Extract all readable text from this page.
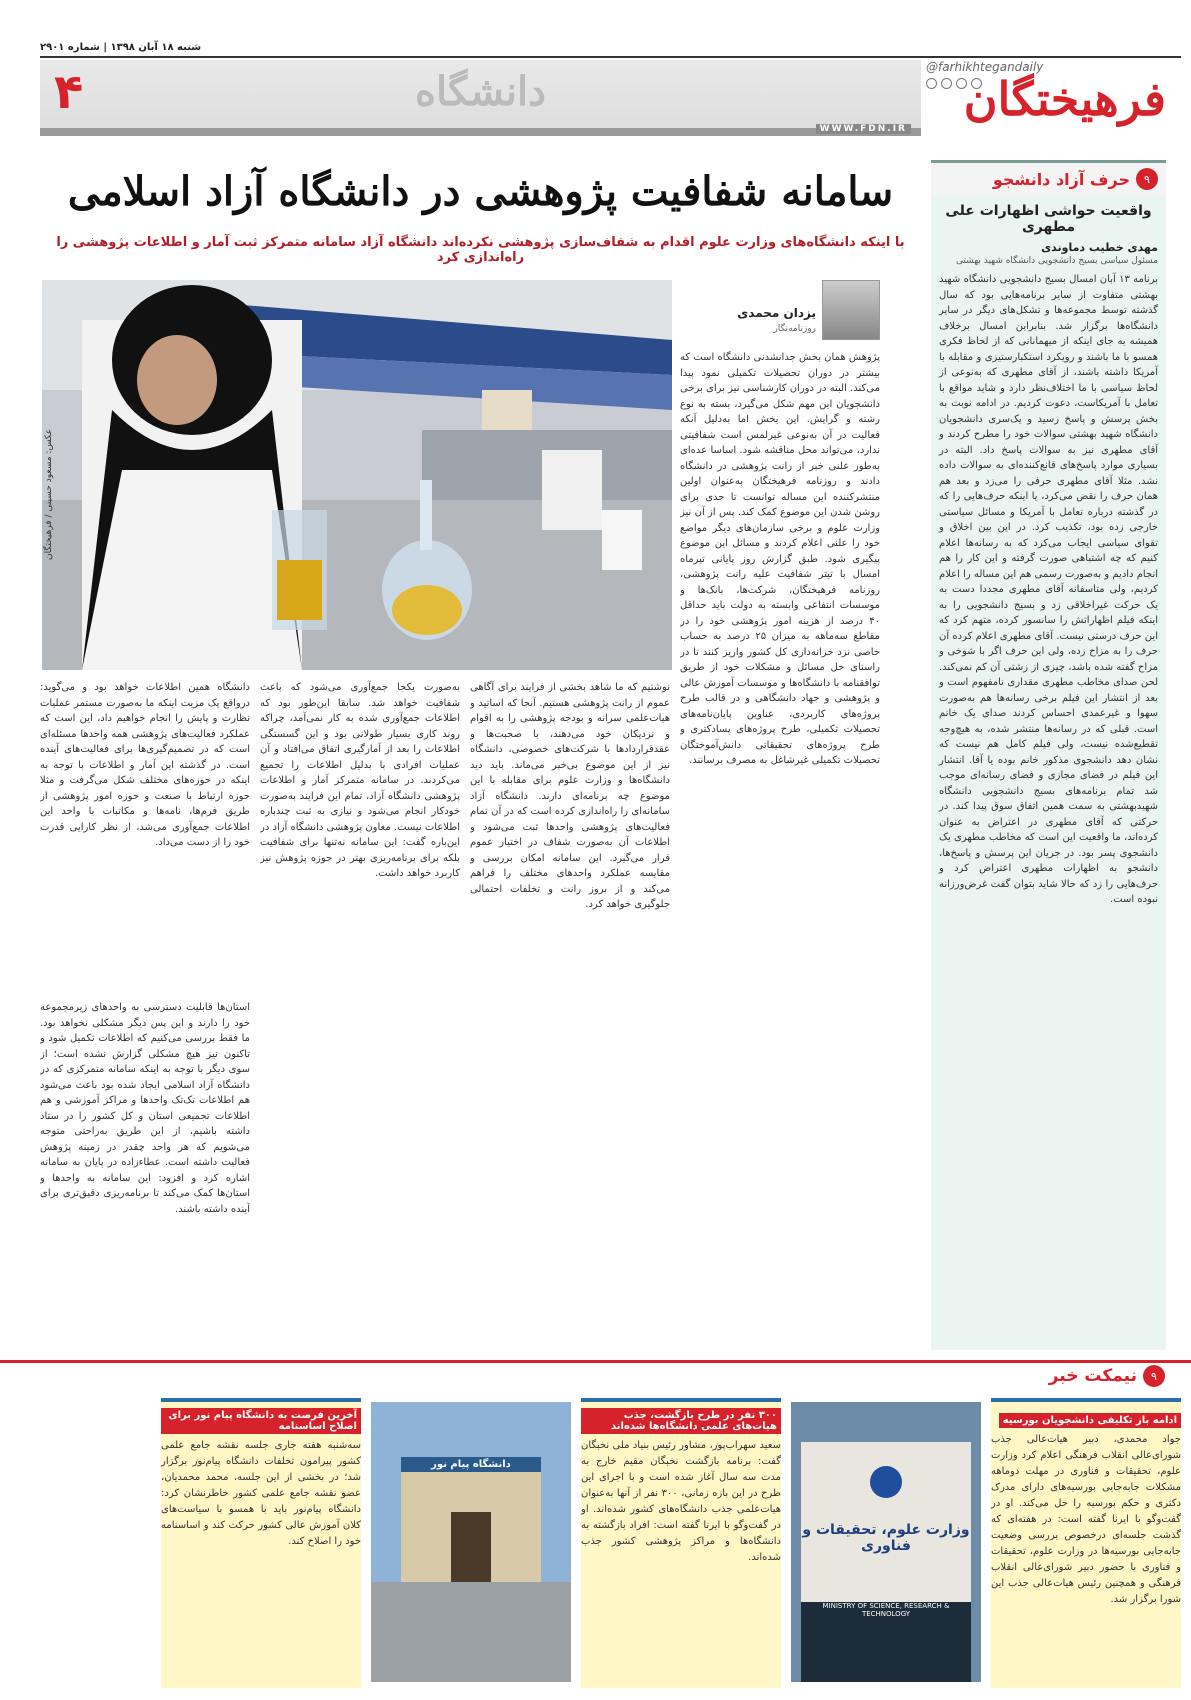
شنبه ۱۸ آبان ۱۳۹۸ | شماره ۲۹۰۱
فرهیختگان
@farhikhtegandaily
دانشگاه
۴
WWW.FDN.IR
۹
حرف آزاد دانشجو
واقعیت حواشی اظهارات علی مطهری
مهدی خطیب دماوندی
مسئول سیاسی بسیج دانشجویی دانشگاه شهید بهشتی
برنامه ۱۳ آبان امسال بسیج دانشجویی دانشگاه شهید بهشتی متفاوت از سایر برنامه‌هایی بود که سال گذشته توسط مجموعه‌ها و تشکل‌های دیگر در سایر دانشگاه‌ها برگزار شد. بنابراین امسال برخلاف همیشه به جای اینکه از میهمانانی که از لحاظ فکری همسو با ما باشند و رویکرد استکبارستیزی و مقابله با آمریکا داشته باشند، از آقای مطهری که به‌نوعی از لحاظ سیاسی با ما اختلاف‌نظر دارد و شاید مواقع با تعامل با آمریکاست، دعوت کردیم. در ادامه نوبت به بخش پرسش و پاسخ رسید و یک‌سری دانشجویان دانشگاه شهید بهشتی سوالات خود را مطرح کردند و آقای مطهری نیز به سوالات پاسخ داد. البته در بسیاری موارد پاسخ‌های قانع‌کننده‌ای به سوالات داده نشد. مثلا آقای مطهری حرفی را می‌زد و بعد هم همان حرف را نقض می‌کرد، یا اینکه حرف‌هایی را که در گذشته درباره تعامل با آمریکا و مسائل سیاستی خارجی زده بود، تکذیب کرد. در این بین اخلاق و تقوای سیاسی ایجاب می‌کرد که به رسانه‌ها اعلام کنیم که چه اشتباهی صورت گرفته و این کار را هم انجام دادیم و به‌صورت رسمی هم این مساله را اعلام کردیم، ولی متاسفانه آقای مطهری مجددا دست به یک حرکت غیراخلاقی زد و بسیج دانشجویی را به اینکه فیلم اظهاراتش را سانسور کرده، متهم کرد که این حرف درستی نیست. آقای مطهری اعلام کرده آن حرف را به مزاح زده، ولی این حرف اگر با شوخی و مزاح گفته شده باشد، چیزی از زشتی آن کم نمی‌کند. لحن صدای مخاطب مطهری مقداری نامفهوم است و بعد از انتشار این فیلم برخی رسانه‌ها هم به‌صورت سهوا و غیرعمدی احساس کردند صدای یک خانم است. قبلی که در رسانه‌ها منتشر شده، به هیچ‌وجه تقطیع‌شده نیست، ولی فیلم کامل هم نیست که نشان دهد دانشجوی مذکور خانم بوده یا آقا. انتشار این فیلم در فضای مجازی و فضای رسانه‌ای موجب شد تمام برنامه‌های بسیج دانشجویی دانشگاه شهیدبهشتی به سمت همین اتفاق سوق پیدا کند. در حرکتی که آقای مطهری در اعتراض به عنوان کرده‌اند، ما واقعیت این است که مخاطب مطهری یک دانشجوی پسر بود. در جریان این پرسش و پاسخ‌ها، دانشجو به اظهارات مطهری اعتراض کرد و حرف‌هایی را زد که حالا شاید بتوان گفت غرض‌ورزانه نبوده است.
سامانه شفافیت پژوهشی در دانشگاه آزاد اسلامی
با اینکه دانشگاه‌های وزارت علوم اقدام به شفاف‌سازی پژوهشی نکرده‌اند دانشگاه آزاد سامانه متمرکز ثبت آمار و اطلاعات پژوهشی را راه‌اندازی کرد
عکس: مسعود حسینی / فرهیختگان
یزدان محمدی
روزنامه‌نگار
پژوهش همان بخش جدانشدنی دانشگاه است که بیشتر در دوران تحصیلات تکمیلی نمود پیدا می‌کند. البته در دوران کارشناسی نیز برای برخی دانشجویان این مهم شکل می‌گیرد، بسته به نوع رشته و گرایش. این بخش اما به‌دلیل آنکه فعالیت در آن به‌نوعی غیرلمس است شفافیتی ندارد، می‌تواند محل مناقشه شود. اساسا عده‌ای به‌طور علنی خبر از رانت پژوهشی در دانشگاه دادند و روزنامه فرهیختگان به‌عنوان اولین منتشرکننده این مساله توانست تا حدی برای روشن شدن این موضوع کمک کند. پس از آن نیز وزارت علوم و برخی سازمان‌های دیگر مواضع خود را علنی اعلام کردند و مسائل این موضوع پیگیری شود. طبق گزارش روز پایانی تیرماه امسال با تیتر شفافیت علیه رانت پژوهشی، روزنامه فرهیختگان، شرکت‌ها، بانک‌ها و موسسات انتفاعی وابسته به دولت باید حداقل ۴۰ درصد از هزینه امور پژوهشی خود را در مقاطع سه‌ماهه به میزان ۲۵ درصد به حساب خاصی نزد خزانه‌داری کل کشور واریز کنند تا در راستای حل مسائل و مشکلات خود از طریق توافقنامه با دانشگاه‌ها و موسسات آموزش عالی و پژوهشی و جهاد دانشگاهی و در قالب طرح پروژه‌های کاربردی، عناوین پایان‌نامه‌های تحصیلات تکمیلی، طرح پروژه‌های پسادکتری و طرح پروژه‌های تحقیقاتی دانش‌آموختگان تحصیلات تکمیلی غیرشاغل به مصرف برسانند.
نوشتیم که ما شاهد بخشی از فرایند برای آگاهی عموم از رانت پژوهشی هستیم. آنجا که اساتید و هیات‌علمی سرانه و بودجه پژوهشی را به اقوام و نزدیکان خود می‌دهند، با صحبت‌ها و عقدقراردادها با شرکت‌های خصوصی، دانشگاه نیز از این موضوع بی‌خبر می‌ماند. باید دید دانشگاه‌ها و وزارت علوم برای مقابله با این موضوع چه برنامه‌ای دارند. دانشگاه آزاد سامانه‌ای را راه‌اندازی کرده است که در آن تمام فعالیت‌های پژوهشی واحدها ثبت می‌شود و اطلاعات آن به‌صورت شفاف در اختیار عموم قرار می‌گیرد. این سامانه امکان بررسی و مقایسه عملکرد واحدهای مختلف را فراهم می‌کند و از بروز رانت و تخلفات احتمالی جلوگیری خواهد کرد.
به‌صورت یکجا جمع‌آوری می‌شود که باعث شفافیت خواهد شد. سابقا این‌طور بود که اطلاعات جمع‌آوری شده به کار نمی‌آمد، چراکه روند کاری بسیار طولانی بود و این گسستگی اطلاعات را بعد از آمارگیری اتفاق می‌افتاد و آن عملیات افرادی با بدلیل اطلاعات را تجمیع می‌کردند. در سامانه متمرکز آمار و اطلاعات پژوهشی دانشگاه آزاد، تمام این فرایند به‌صورت خودکار انجام می‌شود و نیازی به ثبت چندباره اطلاعات نیست. معاون پژوهشی دانشگاه آزاد در این‌باره گفت: این سامانه نه‌تنها برای شفافیت بلکه برای برنامه‌ریزی بهتر در حوزه پژوهش نیز کاربرد خواهد داشت.
دانشگاه همین اطلاعات خواهد بود و می‌گوید: درواقع یک مزیت اینکه ما به‌صورت مستمر عملیات نظارت و پایش را انجام خواهیم داد، این است که عملکرد فعالیت‌های پژوهشی همه واحدها مسئله‌ای است که در تصمیم‌گیری‌ها برای فعالیت‌های آینده است. در گذشته این آمار و اطلاعات با توجه به اینکه در حوزه‌های مختلف شکل می‌گرفت و مثلا حوزه ارتباط با صنعت و حوزه امور پژوهشی از طریق فرم‌ها، نامه‌ها و مکاتبات با واحد این اطلاعات جمع‌آوری می‌شد، از نظر کارایی قدرت خود را از دست می‌داد.
استان‌ها قابلیت دسترسی به واحدهای زیرمجموعه خود را دارند و این پس دیگر مشکلی نخواهد بود. ما فقط بررسی می‌کنیم که اطلاعات تکمیل شود و تاکنون نیز هیچ مشکلی گزارش نشده است؛ از سوی دیگر با توجه به اینکه سامانه متمرکزی که در دانشگاه آزاد اسلامی ایجاد شده بود باعث می‌شود هم اطلاعات تک‌تک واحدها و مراکز آموزشی و هم اطلاعات تجمیعی استان و کل کشور را در ستاد داشته باشیم، از این طریق به‌راحتی متوجه می‌شویم که هر واحد چقدر در زمینه پژوهش فعالیت داشته است. عطاء‌زاده در پایان به سامانه اشاره کرد و افزود: این سامانه به واحدها و استان‌ها کمک می‌کند تا برنامه‌ریزی دقیق‌تری برای آینده داشته باشند.
۹
نیمکت خبر
ادامه باز تکلیفی دانشجویان بورسیه
جواد محمدی، دبیر هیات‌عالی جذب شورای‌عالی انقلاب فرهنگی اعلام کرد وزارت علوم، تحقیقات و فناوری در مهلت دوماهه مشکلات جابه‌جایی بورسیه‌های دارای مدرک دکتری و حکم بورسیه را حل می‌کند. او در گفت‌وگو با ایرنا گفته است: در هفته‌ای که گذشت جلسه‌ای درخصوص بررسی وضعیت جابه‌جایی بورسیه‌ها در وزارت علوم، تحقیقات و فناوری با حضور دبیر شورای‌عالی انقلاب فرهنگی و همچنین رئیس هیات‌عالی جذب این شورا برگزار شد.
وزارت علوم، تحقیقات و فناوری
MINISTRY OF SCIENCE, RESEARCH & TECHNOLOGY
۳۰۰ نفر در طرح بازگشت، جذب هیات‌های علمی دانشگاه‌ها شده‌اند
سعید سهراب‌پور، مشاور رئیس بنیاد ملی نخبگان گفت: برنامه بازگشت نخبگان مقیم خارج به مدت سه سال آغاز شده است و با اجرای این طرح در این بازه زمانی، ۳۰۰ نفر از آنها به‌عنوان هیات‌علمی جذب دانشگاه‌های کشور شده‌اند. او در گفت‌وگو با ایرنا گفته است: افراد بازگشته به دانشگاه‌ها و مراکز پژوهشی کشور جذب شده‌اند.
دانشگاه پیام نور
آخرین فرصت به دانشگاه پیام نور برای اصلاح اساسنامه
سه‌شنبه هفته جاری جلسه نقشه جامع علمی کشور پیرامون تخلفات دانشگاه پیام‌نور برگزار شد؛ در بخشی از این جلسه، محمد محمدیان، عضو نقشه جامع علمی کشور خاطرنشان کرد: دانشگاه پیام‌نور باید با همسو با سیاست‌های کلان آموزش عالی کشور حرکت کند و اساسنامه خود را اصلاح کند.
